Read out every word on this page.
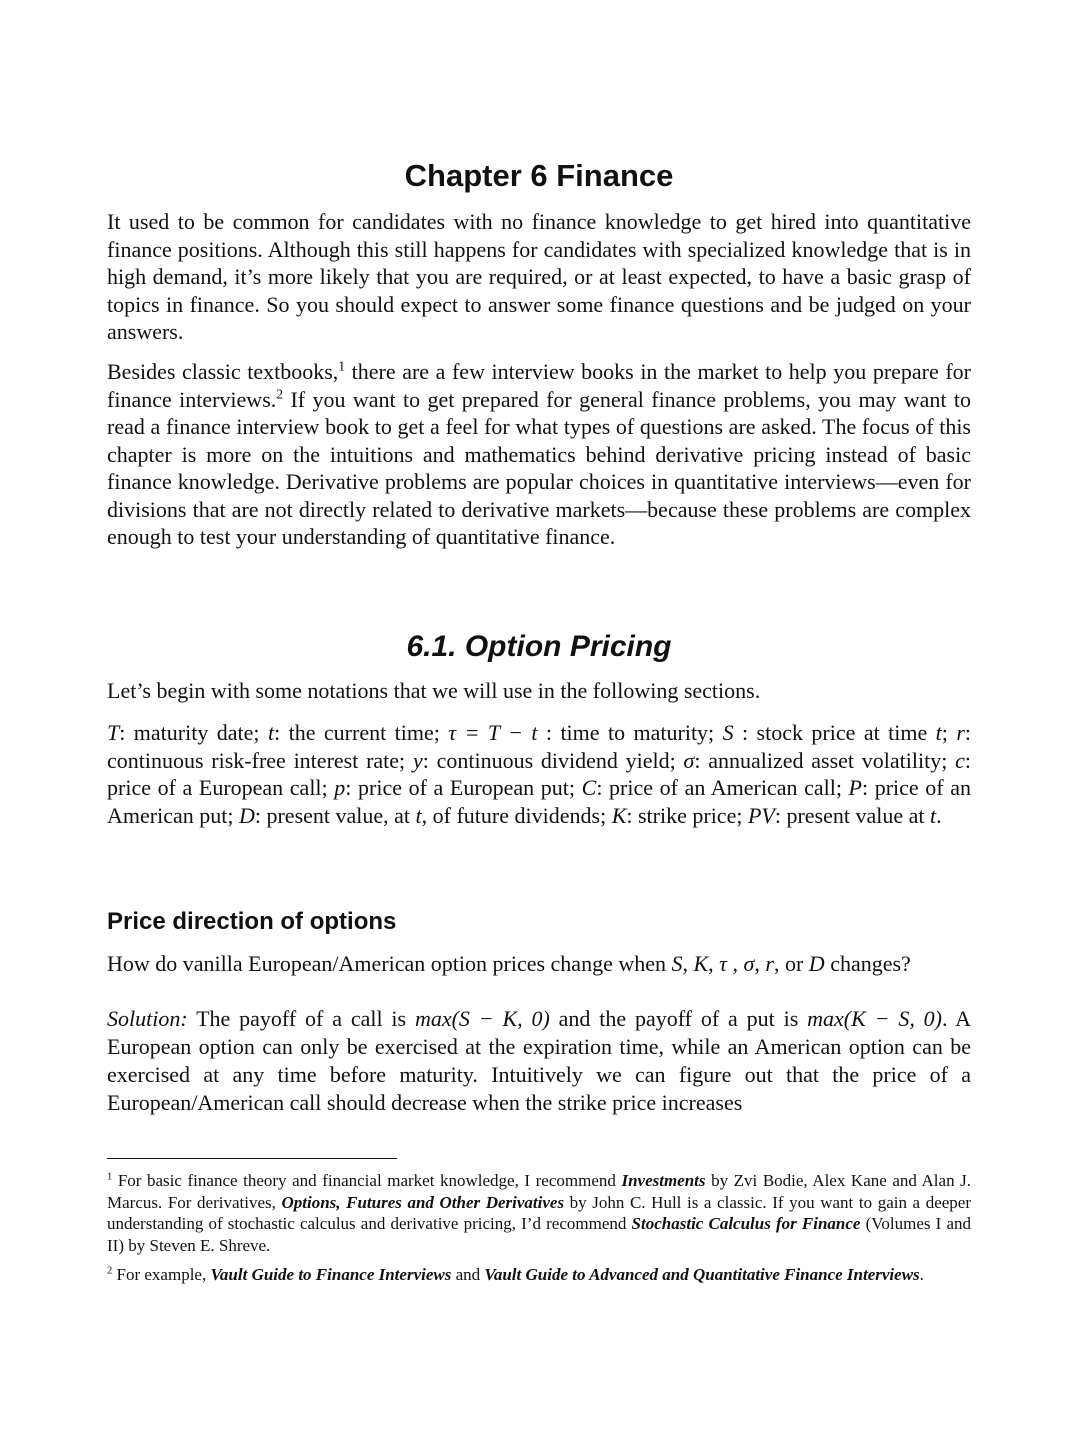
Chapter 6 Finance

It used to be common for candidates with no finance knowledge to get hired into quantitative finance positions. Although this still happens for candidates with specialized knowledge that is in high demand, it’s more likely that you are required, or at least expected, to have a basic grasp of topics in finance. So you should expect to answer some finance questions and be judged on your answers.

Besides classic textbooks,$^1$ there are a few interview books in the market to help you prepare for finance interviews.$^2$ If you want to get prepared for general finance problems, you may want to read a finance interview book to get a feel for what types of questions are asked. The focus of this chapter is more on the intuitions and mathematics behind derivative pricing instead of basic finance knowledge. Derivative problems are popular choices in quantitative interviews—even for divisions that are not directly related to derivative markets—because these problems are complex enough to test your understanding of quantitative finance.

6.1. Option Pricing

Let’s begin with some notations that we will use in the following sections.

T: maturity date; t: the current time; τ = T − t : time to maturity; S : stock price at time t; r: continuous risk-free interest rate; y: continuous dividend yield; σ: annualized asset volatility; c: price of a European call; p: price of a European put; C: price of an American call; P: price of an American put; D: present value, at t, of future dividends; K: strike price; PV: present value at t.

Price direction of options

How do vanilla European/American option prices change when S, K, τ , σ, r, or D changes?

Solution: The payoff of a call is max(S − K, 0) and the payoff of a put is max(K − S, 0). A European option can only be exercised at the expiration time, while an American option can be exercised at any time before maturity. Intuitively we can figure out that the price of a European/American call should decrease when the strike price increases

$^1$ For basic finance theory and financial market knowledge, I recommend Investments by Zvi Bodie, Alex Kane and Alan J. Marcus. For derivatives, Options, Futures and Other Derivatives by John C. Hull is a classic. If you want to gain a deeper understanding of stochastic calculus and derivative pricing, I’d recommend Stochastic Calculus for Finance (Volumes I and II) by Steven E. Shreve.

$^2$ For example, Vault Guide to Finance Interviews and Vault Guide to Advanced and Quantitative Finance Interviews.
